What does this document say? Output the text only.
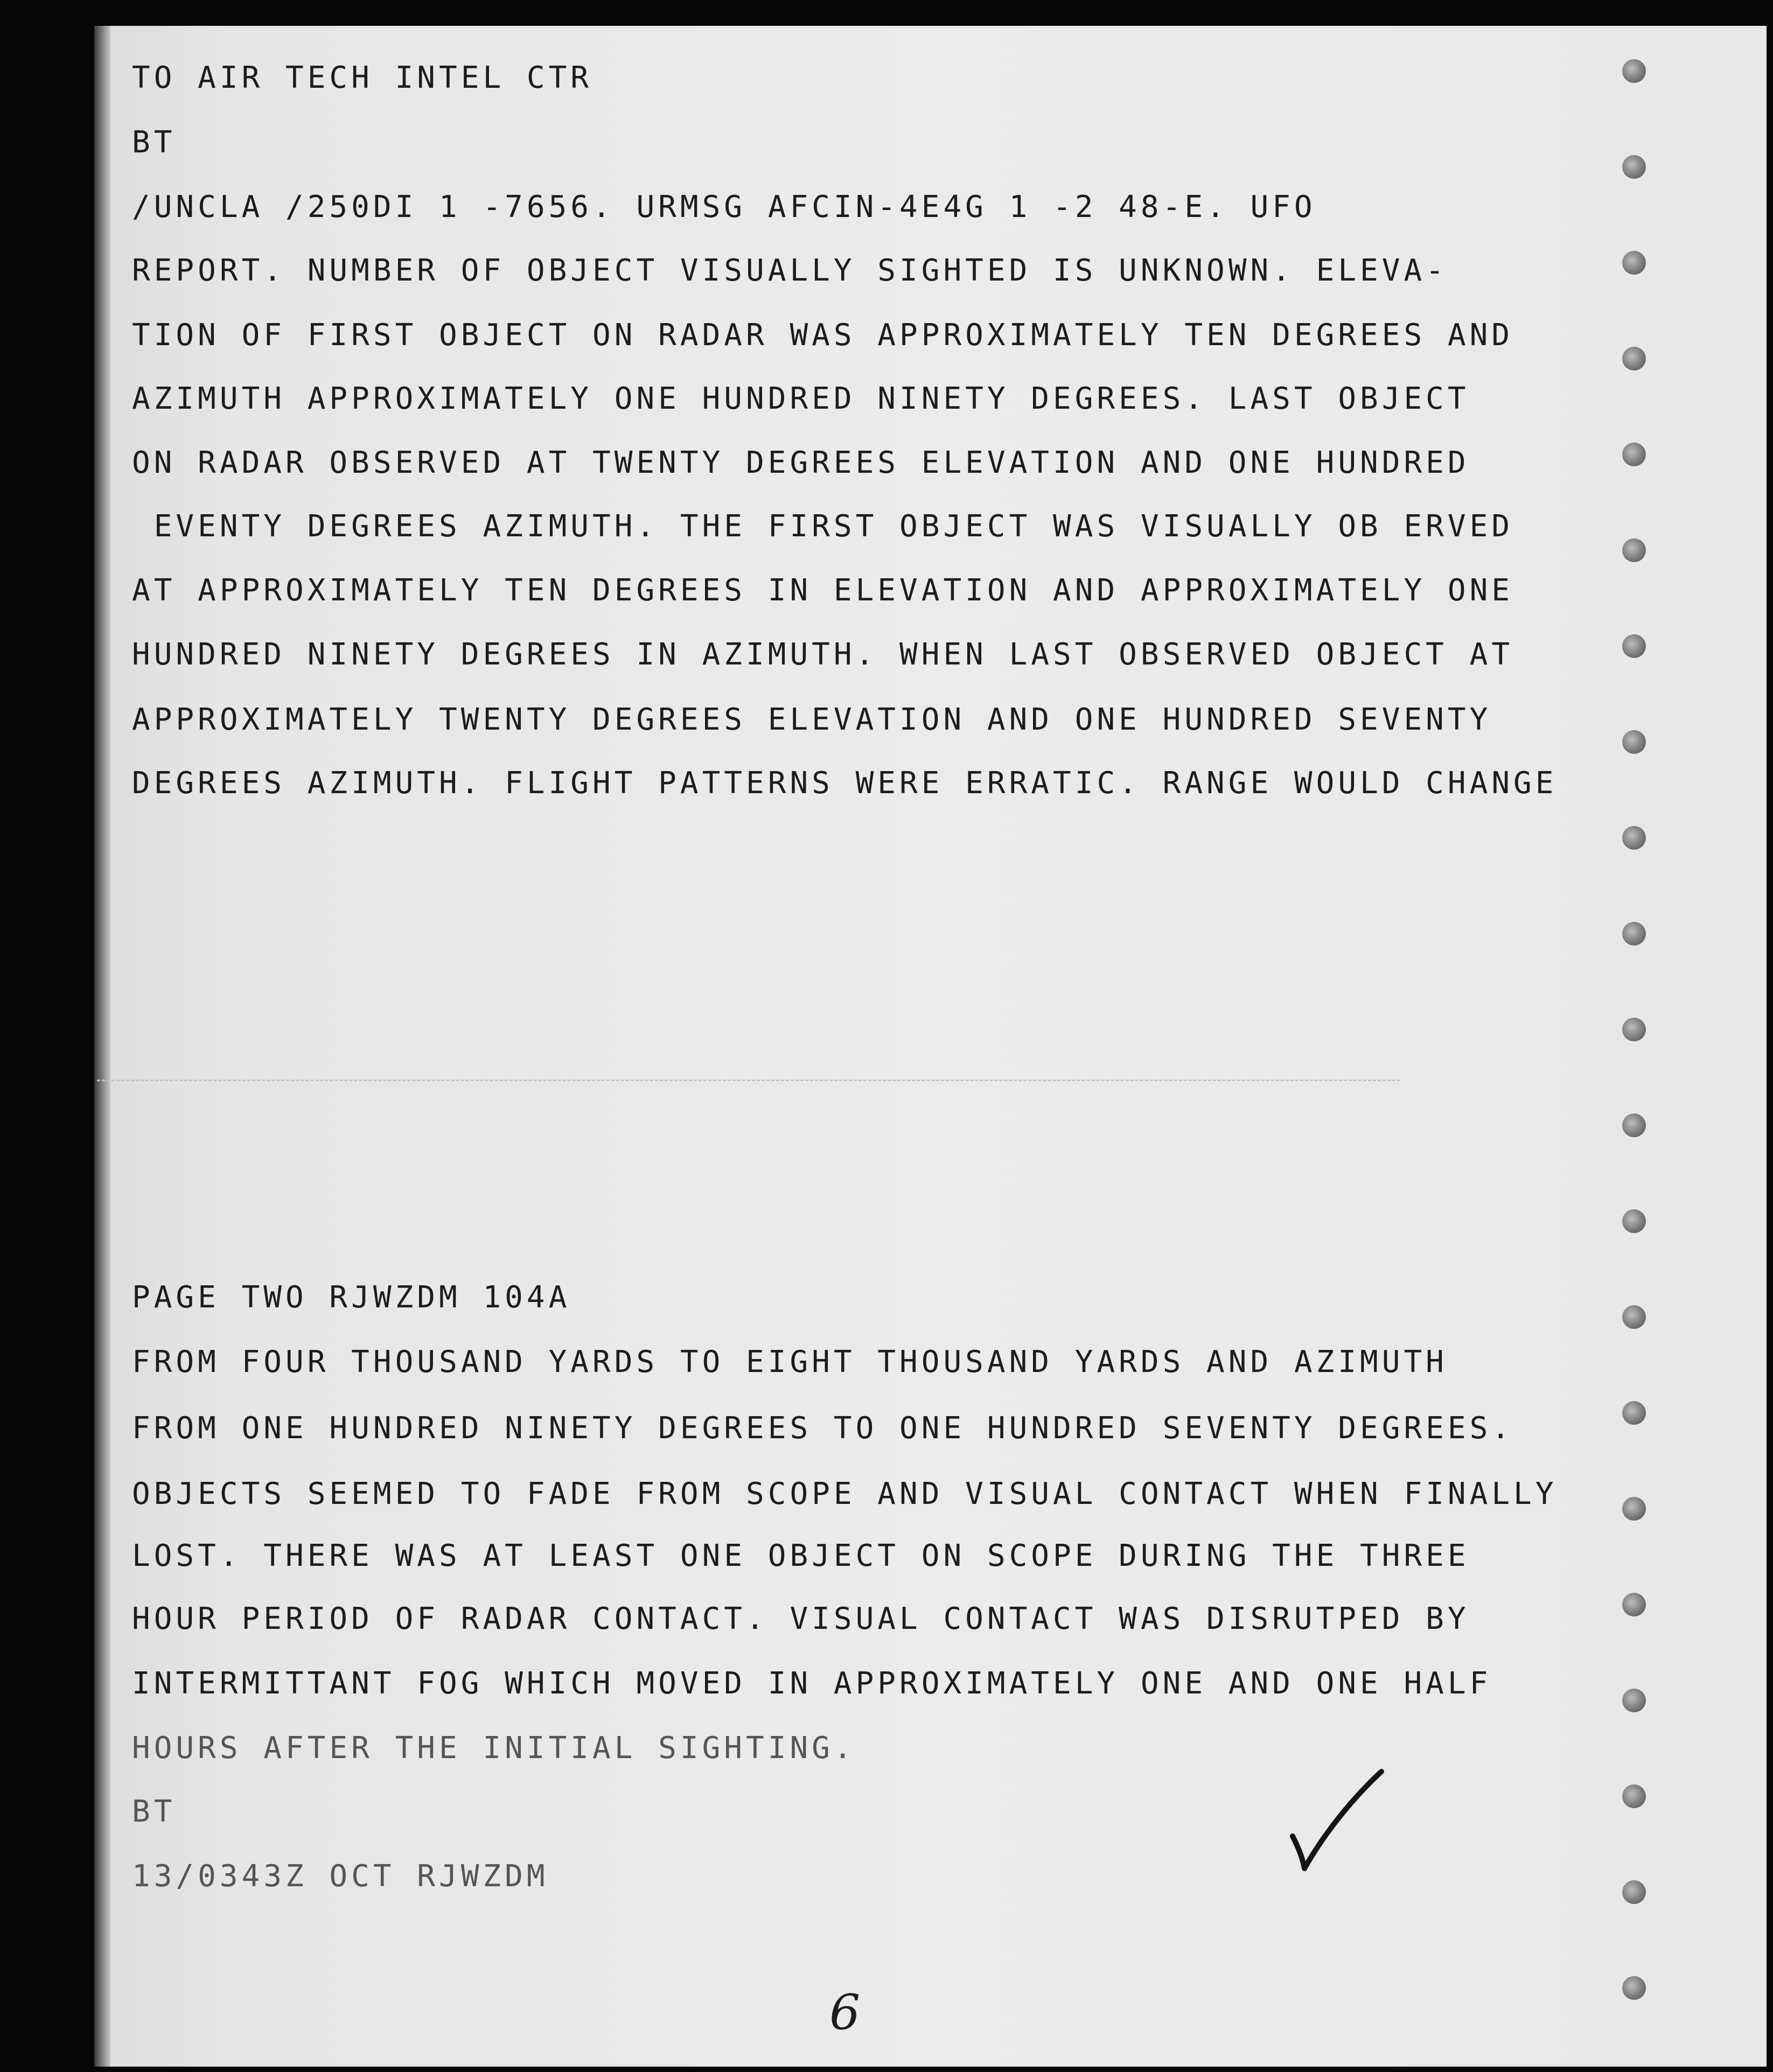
TO AIR TECH INTEL CTR

BT

/UNCLA /250DI 1 -7656. URMSG AFCIN-4E4G 1 -2 48-E. UFO

REPORT. NUMBER OF OBJECT VISUALLY SIGHTED IS UNKNOWN. ELEVA-

TION OF FIRST OBJECT ON RADAR WAS APPROXIMATELY TEN DEGREES AND

AZIMUTH APPROXIMATELY ONE HUNDRED NINETY DEGREES. LAST OBJECT

ON RADAR OBSERVED AT TWENTY DEGREES ELEVATION AND ONE HUNDRED

EVENTY DEGREES AZIMUTH. THE FIRST OBJECT WAS VISUALLY OB ERVED

AT APPROXIMATELY TEN DEGREES IN ELEVATION AND APPROXIMATELY ONE

HUNDRED NINETY DEGREES IN AZIMUTH. WHEN LAST OBSERVED OBJECT AT

APPROXIMATELY TWENTY DEGREES ELEVATION AND ONE HUNDRED SEVENTY

DEGREES AZIMUTH. FLIGHT PATTERNS WERE ERRATIC. RANGE WOULD CHANGE

PAGE TWO RJWZDM 104A

FROM FOUR THOUSAND YARDS TO EIGHT THOUSAND YARDS AND AZIMUTH

FROM ONE HUNDRED NINETY DEGREES TO ONE HUNDRED SEVENTY DEGREES.

OBJECTS SEEMED TO FADE FROM SCOPE AND VISUAL CONTACT WHEN FINALLY

LOST. THERE WAS AT LEAST ONE OBJECT ON SCOPE DURING THE THREE

HOUR PERIOD OF RADAR CONTACT. VISUAL CONTACT WAS DISRUTPED BY

INTERMITTANT FOG WHICH MOVED IN APPROXIMATELY ONE AND ONE HALF

HOURS AFTER THE INITIAL SIGHTING.

BT

13/0343Z OCT RJWZDM

6
